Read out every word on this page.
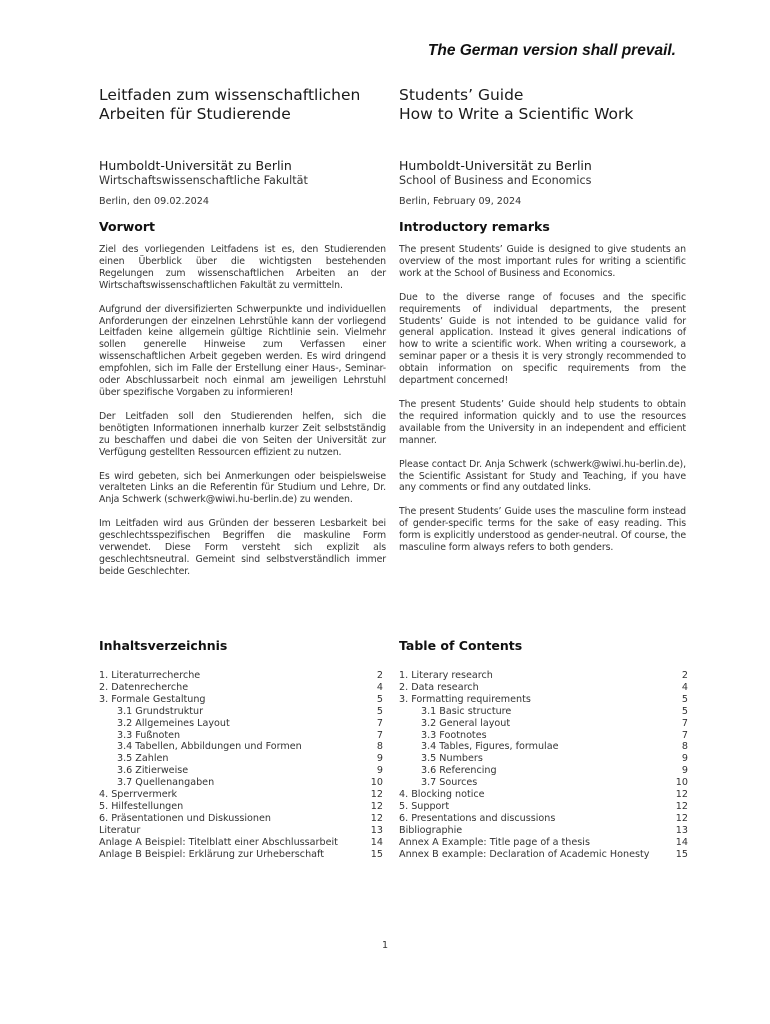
The German version shall prevail.
Leitfaden zum wissenschaftlichen
Arbeiten für Studierende

Humboldt-Universität zu Berlin

Wirtschaftswissenschaftliche Fakultät

Berlin, den 09.02.2024

Vorwort

Ziel des vorliegenden Leitfadens ist es, den Studierenden einen Überblick über die wichtigsten bestehenden Regelungen zum wissenschaftlichen Arbeiten an der Wirtschaftswissenschaftlichen Fakultät zu vermitteln.

Aufgrund der diversifizierten Schwerpunkte und individuellen Anforderungen der einzelnen Lehrstühle kann der vorliegend Leitfaden keine allgemein gültige Richtlinie sein. Vielmehr sollen generelle Hinweise zum Verfassen einer wissenschaftlichen Arbeit gegeben werden. Es wird dringend empfohlen, sich im Falle der Erstellung einer Haus-, Seminar- oder Abschlussarbeit noch einmal am jeweiligen Lehrstuhl über spezifische Vorgaben zu informieren!

Der Leitfaden soll den Studierenden helfen, sich die benötigten Informationen innerhalb kurzer Zeit selbstständig zu beschaffen und dabei die von Seiten der Universität zur Verfügung gestellten Ressourcen effizient zu nutzen.

Es wird gebeten, sich bei Anmerkungen oder beispielsweise veralteten Links an die Referentin für Studium und Lehre, Dr. Anja Schwerk (schwerk@wiwi.hu-berlin.de) zu wenden.

Im Leitfaden wird aus Gründen der besseren Lesbarkeit bei geschlechtsspezifischen Begriffen die maskuline Form verwendet. Diese Form versteht sich explizit als geschlechtsneutral. Gemeint sind selbstverständlich immer beide Geschlechter.

Students’ Guide
How to Write a Scientific Work

Humboldt-Universität zu Berlin

School of Business and Economics

Berlin, February 09, 2024

Introductory remarks

The present Students’ Guide is designed to give students an overview of the most important rules for writing a scientific work at the School of Business and Economics.

Due to the diverse range of focuses and the specific requirements of individual departments, the present Students’ Guide is not intended to be guidance valid for general application. Instead it gives general indications of how to write a scientific work. When writing a coursework, a seminar paper or a thesis it is very strongly recommended to obtain information on specific requirements from the department concerned!

The present Students’ Guide should help students to obtain the required information quickly and to use the resources available from the University in an independent and efficient manner.

Please contact Dr. Anja Schwerk (schwerk@wiwi.hu-berlin.de), the Scientific Assistant for Study and Teaching, if you have any comments or find any outdated links.

The present Students’ Guide uses the masculine form instead of gender-specific terms for the sake of easy reading. This form is explicitly understood as gender-neutral. Of course, the masculine form always refers to both genders.

Inhaltsverzeichnis
1. Literaturrecherche	2
2. Datenrecherche	4
3. Formale Gestaltung	5
3.1 Grundstruktur	5
3.2 Allgemeines Layout	7
3.3 Fußnoten	7
3.4 Tabellen, Abbildungen und Formen	8
3.5 Zahlen	9
3.6 Zitierweise	9
3.7 Quellenangaben	10
4. Sperrvermerk	12
5. Hilfestellungen	12
6. Präsentationen und Diskussionen	12
Literatur	13
Anlage A Beispiel: Titelblatt einer Abschlussarbeit	14
Anlage B Beispiel: Erklärung zur Urheberschaft	15
Table of Contents
1. Literary research	2
2. Data research	4
3. Formatting requirements	5
3.1 Basic structure	5
3.2 General layout	7
3.3 Footnotes	7
3.4 Tables, Figures, formulae	8
3.5 Numbers	9
3.6 Referencing	9
3.7 Sources	10
4. Blocking notice	12
5. Support	12
6. Presentations and discussions	12
Bibliographie	13
Annex A Example: Title page of a thesis	14
Annex B example: Declaration of Academic Honesty	15
1
